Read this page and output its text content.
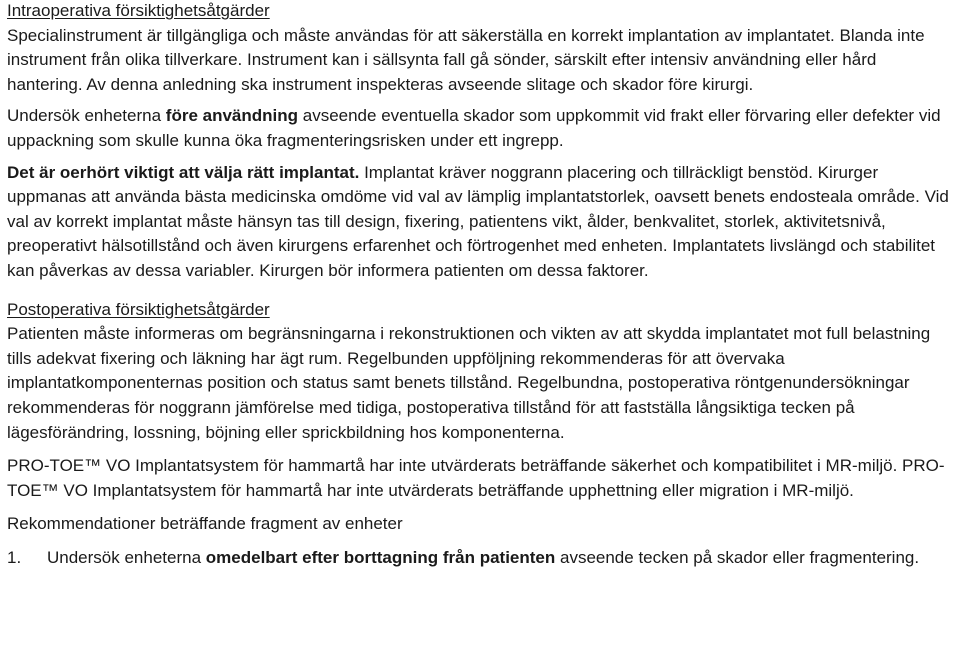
Intraoperativa försiktighetsåtgärder

Specialinstrument är tillgängliga och måste användas för att säkerställa en korrekt implantation av implantatet. Blanda inte instrument från olika tillverkare. Instrument kan i sällsynta fall gå sönder, särskilt efter intensiv användning eller hård hantering. Av denna anledning ska instrument inspekteras avseende slitage och skador före kirurgi.

Undersök enheterna före användning avseende eventuella skador som uppkommit vid frakt eller förvaring eller defekter vid uppackning som skulle kunna öka fragmenteringsrisken under ett ingrepp.

Det är oerhört viktigt att välja rätt implantat. Implantat kräver noggrann placering och tillräckligt benstöd. Kirurger uppmanas att använda bästa medicinska omdöme vid val av lämplig implantatstorlek, oavsett benets endosteala område. Vid val av korrekt implantat måste hänsyn tas till design, fixering, patientens vikt, ålder, benkvalitet, storlek, aktivitetsnivå, preoperativt hälsotillstånd och även kirurgens erfarenhet och förtrogenhet med enheten. Implantatets livslängd och stabilitet kan påverkas av dessa variabler. Kirurgen bör informera patienten om dessa faktorer.

Postoperativa försiktighetsåtgärder

Patienten måste informeras om begränsningarna i rekonstruktionen och vikten av att skydda implantatet mot full belastning tills adekvat fixering och läkning har ägt rum. Regelbunden uppföljning rekommenderas för att övervaka implantatkomponenternas position och status samt benets tillstånd. Regelbundna, postoperativa röntgenundersökningar rekommenderas för noggrann jämförelse med tidiga, postoperativa tillstånd för att fastställa långsiktiga tecken på lägesförändring, lossning, böjning eller sprickbildning hos komponenterna.

PRO-TOE™ VO Implantatsystem för hammartå har inte utvärderats beträffande säkerhet och kompatibilitet i MR-miljö. PRO-TOE™ VO Implantatsystem för hammartå har inte utvärderats beträffande upphettning eller migration i MR-miljö.

Rekommendationer beträffande fragment av enheter
1.	Undersök enheterna omedelbart efter borttagning från patienten avseende tecken på skador eller fragmentering.
